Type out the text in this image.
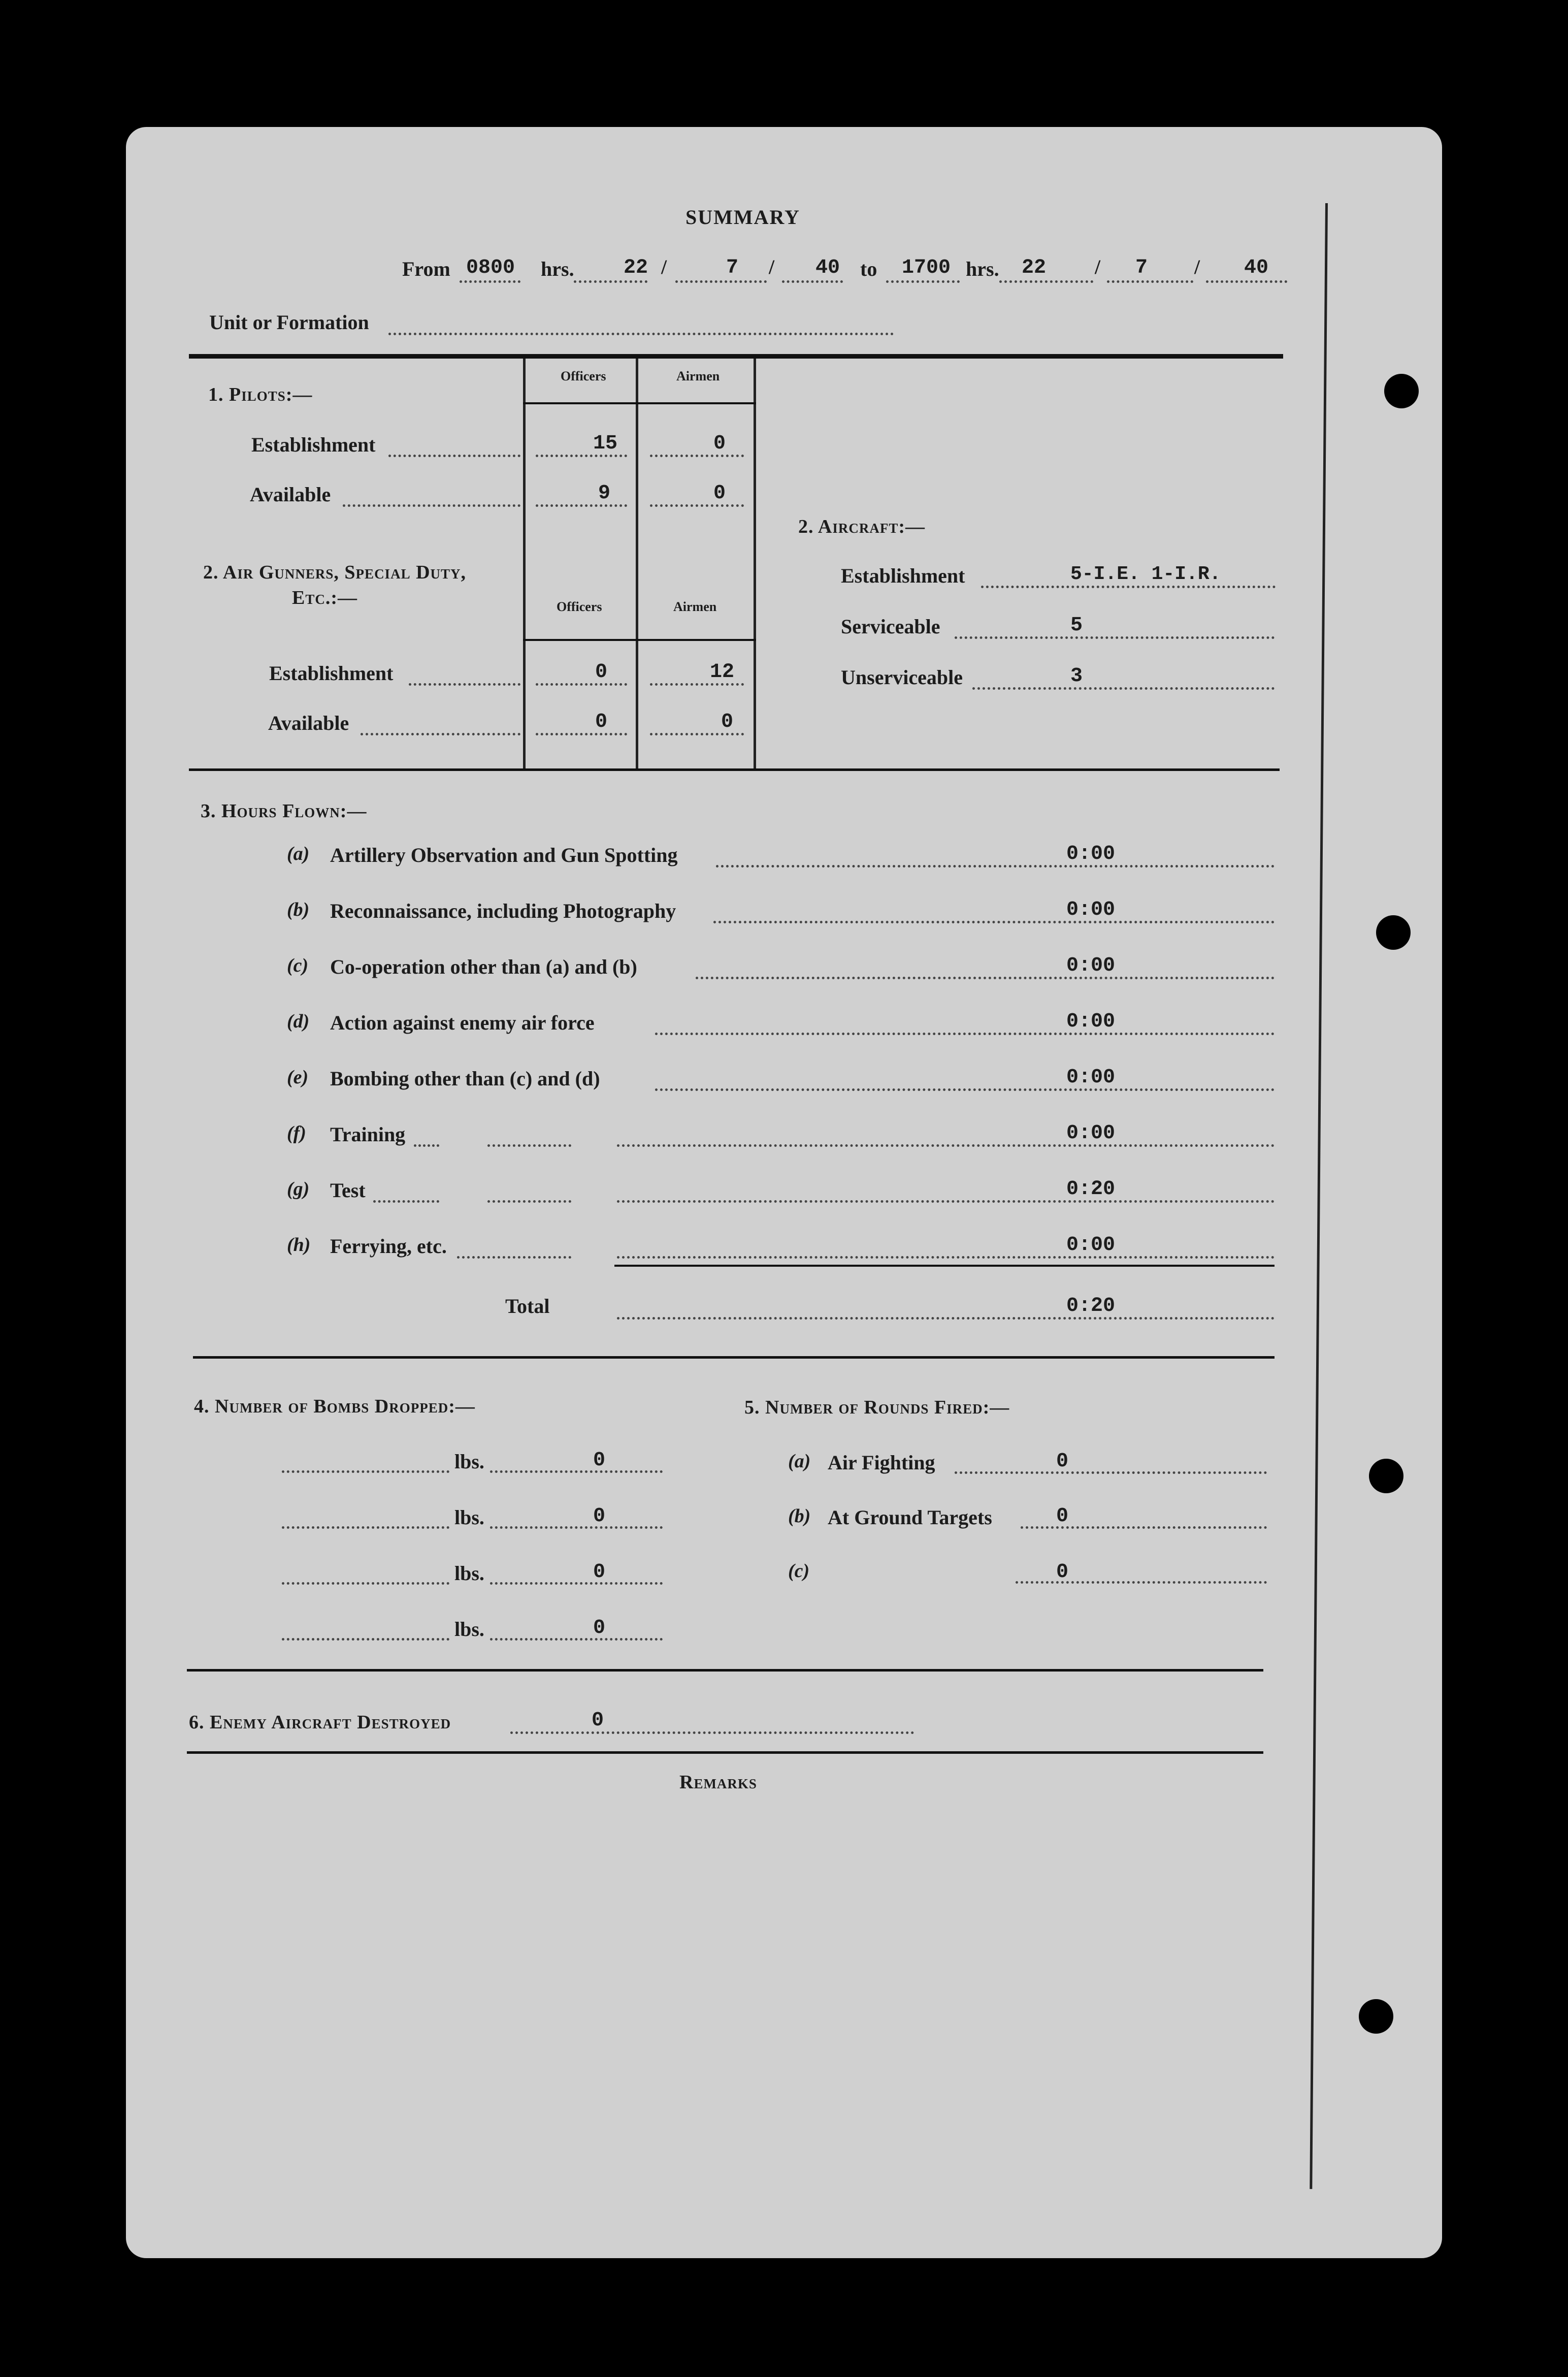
SUMMARY
From 0800 hrs. 22 /	7 / 40 to 1700 hrs. 22 / 7 / 40
Unit or Formation
1. Pilots:—
Officers	Airmen
Establishment	15	0
Available	9	0
2. Air Gunners, Special Duty,
Etc.:—	Officers	Airmen
Establishment	0	12
Available	0	0
2. Aircraft:—
Establishment	5-I.E. 1-I.R.
Serviceable	5
Unserviceable	3
3. Hours Flown:—
(a) Artillery Observation and Gun Spotting	0:00
(b) Reconnaissance, including Photography	0:00
(c) Co-operation other than (a) and (b)	0:00
(d) Action against enemy air force	0:00
(e) Bombing other than (c) and (d)	0:00
(f) Training	0:00
(g) Test	0:20
(h) Ferrying, etc.	0:00
Total	0:20
4. Number of Bombs Dropped:—
lbs.	0
lbs.	0
lbs.	0
lbs.	0
5. Number of Rounds Fired:—
(a) Air Fighting	0
(b) At Ground Targets	0
(c)	0
6. Enemy Aircraft Destroyed	0
Remarks
